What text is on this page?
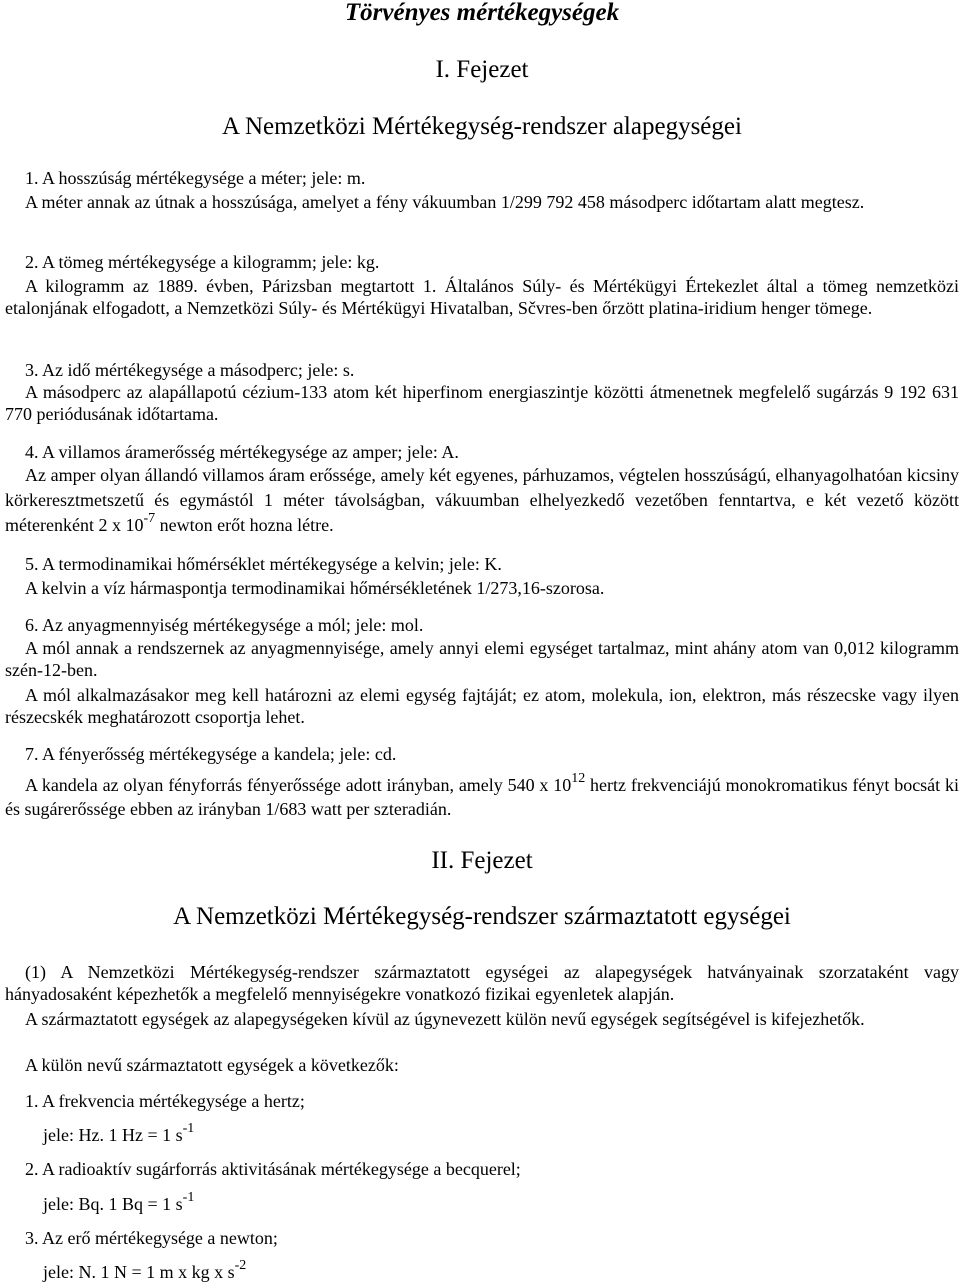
Törvényes mértékegységek
I. Fejezet
A Nemzetközi Mértékegység-rendszer alapegységei
1. A hosszúság mértékegysége a méter; jele: m.
A méter annak az útnak a hosszúsága, amelyet a fény vákuumban 1/299 792 458 másodperc időtartam alatt megtesz.
2. A tömeg mértékegysége a kilogramm; jele: kg.
A kilogramm az 1889. évben, Párizsban megtartott 1. Általános Súly- és Mértékügyi Értekezlet által a tömeg nemzetközi etalonjának elfogadott, a Nemzetközi Súly- és Mértékügyi Hivatalban, Sčvres-ben őrzött platina-iridium henger tömege.
3. Az idő mértékegysége a másodperc; jele: s.
A másodperc az alapállapotú cézium-133 atom két hiperfinom energiaszintje közötti átmenetnek megfelelő sugárzás 9 192 631 770 periódusának időtartama.
4. A villamos áramerősség mértékegysége az amper; jele: A.
Az amper olyan állandó villamos áram erőssége, amely két egyenes, párhuzamos, végtelen hosszúságú, elhanyagolhatóan kicsiny körkeresztmetszetű és egymástól 1 méter távolságban, vákuumban elhelyezkedő vezetőben fenntartva, e két vezető között méterenként 2 x $10^{-7}$ newton erőt hozna létre.
5. A termodinamikai hőmérséklet mértékegysége a kelvin; jele: K.
A kelvin a víz hármaspontja termodinamikai hőmérsékletének 1/273,16-szorosa.
6. Az anyagmennyiség mértékegysége a mól; jele: mol.
A mól annak a rendszernek az anyagmennyisége, amely annyi elemi egységet tartalmaz, mint ahány atom van 0,012 kilogramm szén-12-ben.
A mól alkalmazásakor meg kell határozni az elemi egység fajtáját; ez atom, molekula, ion, elektron, más részecske vagy ilyen részecskék meghatározott csoportja lehet.
7. A fényerősség mértékegysége a kandela; jele: cd.
A kandela az olyan fényforrás fényerőssége adott irányban, amely 540 x $10^{12}$ hertz frekvenciájú monokromatikus fényt bocsát ki és sugárerőssége ebben az irányban 1/683 watt per szteradián.
II. Fejezet
A Nemzetközi Mértékegység-rendszer származtatott egységei
(1) A Nemzetközi Mértékegység-rendszer származtatott egységei az alapegységek hatványainak szorzataként vagy hányadosaként képezhetők a megfelelő mennyiségekre vonatkozó fizikai egyenletek alapján.
A származtatott egységek az alapegységeken kívül az úgynevezett külön nevű egységek segítségével is kifejezhetők.
A külön nevű származtatott egységek a következők:
1. A frekvencia mértékegysége a hertz;
jele: Hz. 1 Hz = 1 $s^{-1}$
2. A radioaktív sugárforrás aktivitásának mértékegysége a becquerel;
jele: Bq. 1 Bq = 1 $s^{-1}$
3. Az erő mértékegysége a newton;
jele: N. 1 N = 1 m x kg x $s^{-2}$
